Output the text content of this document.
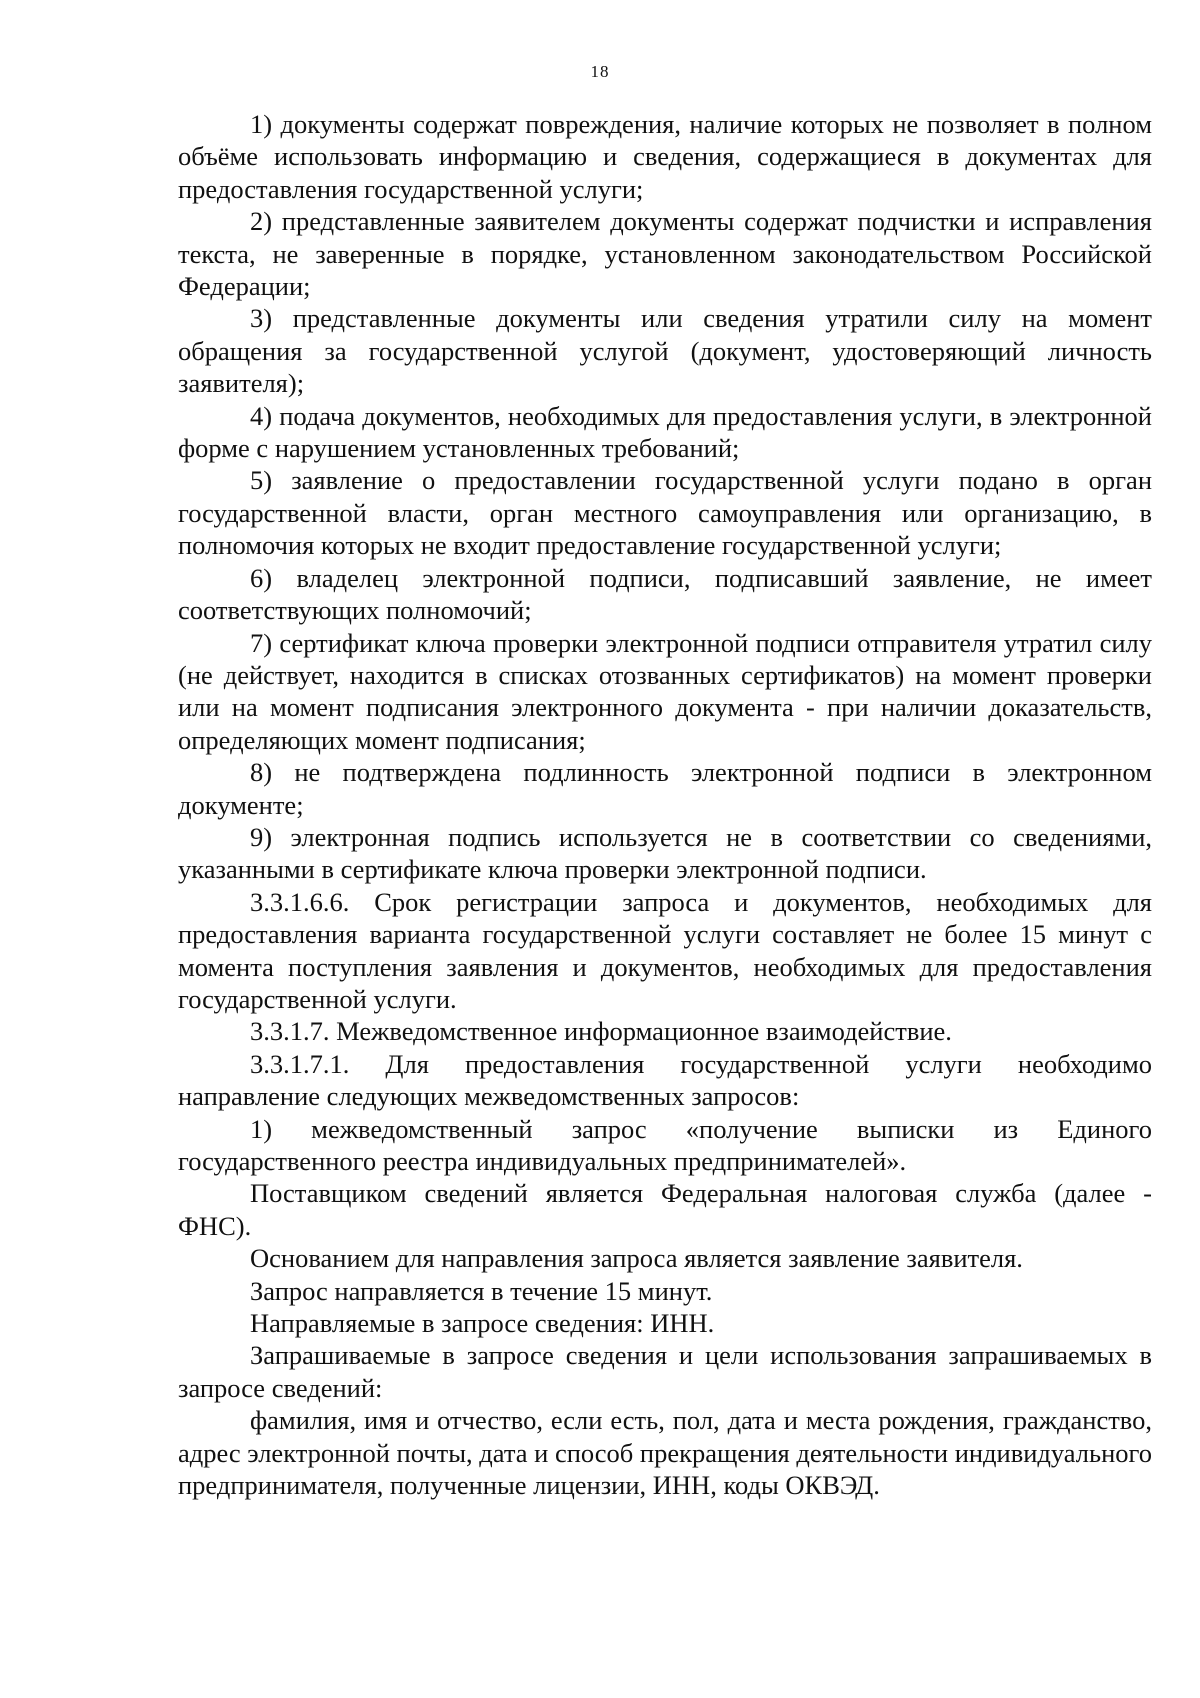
18

1) документы содержат повреждения, наличие которых не позволяет в полном объёме использовать информацию и сведения, содержащиеся в документах для предоставления государственной услуги;

2) представленные заявителем документы содержат подчистки и исправления текста, не заверенные в порядке, установленном законодательством Российской Федерации;

3) представленные документы или сведения утратили силу на момент обращения за государственной услугой (документ, удостоверяющий личность заявителя);

4) подача документов, необходимых для предоставления услуги, в электронной форме с нарушением установленных требований;

5) заявление о предоставлении государственной услуги подано в орган государственной власти, орган местного самоуправления или организацию, в полномочия которых не входит предоставление государственной услуги;

6) владелец электронной подписи, подписавший заявление, не имеет соответствующих полномочий;

7) сертификат ключа проверки электронной подписи отправителя утратил силу (не действует, находится в списках отозванных сертификатов) на момент проверки или на момент подписания электронного документа - при наличии доказательств, определяющих момент подписания;

8) не подтверждена подлинность электронной подписи в электронном документе;

9) электронная подпись используется не в соответствии со сведениями, указанными в сертификате ключа проверки электронной подписи.

3.3.1.6.6. Срок регистрации запроса и документов, необходимых для предоставления варианта государственной услуги составляет не более 15 минут с момента поступления заявления и документов, необходимых для предоставления государственной услуги.

3.3.1.7. Межведомственное информационное взаимодействие.

3.3.1.7.1. Для предоставления государственной услуги необходимо направление следующих межведомственных запросов:

1) межведомственный запрос «получение выписки из Единого государственного реестра индивидуальных предпринимателей».

Поставщиком сведений является Федеральная налоговая служба (далее - ФНС).

Основанием для направления запроса является заявление заявителя.

Запрос направляется в течение 15 минут.

Направляемые в запросе сведения: ИНН.

Запрашиваемые в запросе сведения и цели использования запрашиваемых в запросе сведений:

фамилия, имя и отчество, если есть, пол, дата и места рождения, гражданство, адрес электронной почты, дата и способ прекращения деятельности индивидуального предпринимателя, полученные лицензии, ИНН, коды ОКВЭД.
